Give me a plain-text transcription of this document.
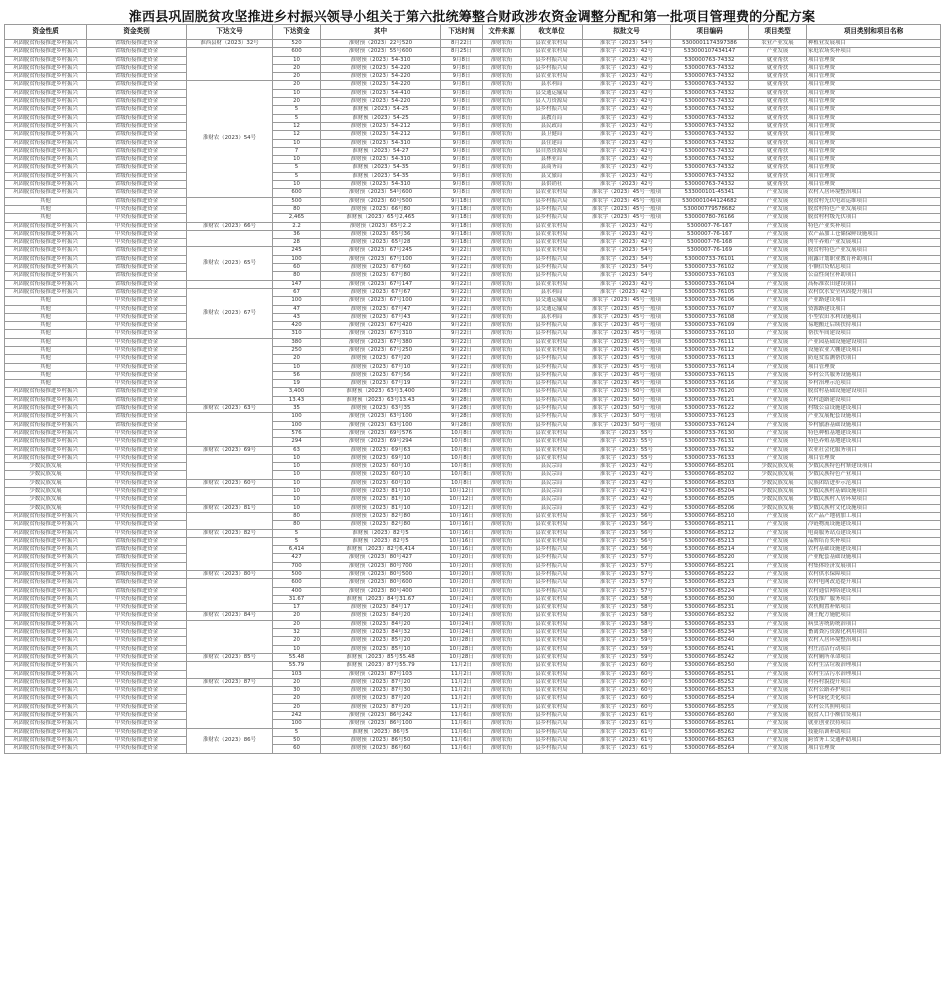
淮西县巩固脱贫攻坚推进乡村振兴领导小组关于第六批统筹整合财政涉农资金调整分配和第一批项目管理费的分配方案
资金性质	资金类别	下达文号	下达资金	其中	下达时间	文件来源	收支单位	拟批文号	项目编码	项目类型	项目类别和项目名称
巩固脱贫衔接推进乡村振兴	省级衔接推进资金	淮西县财（2023）32号	520	淮财预（2023）22号520	8月22日	淮财农衔	县农业农村局	淮农字（2023）54号	5300001174397386	农业产业发展	种植业发展项目
巩固脱贫衔接推进乡村振兴	省级衔接推进资金		600	淮财预（2023）55号600	8月25日	淮财农衔	县农业农村局	淮农字（2023）42号	533000107434147	产业发展	家庭农场奖补项目
巩固脱贫衔接推进乡村振兴	省级衔接推进资金		10	淮财预（2023）54-310	9月8日	淮财农衔	县乡村振兴局	淮农字（2023）42号	530000763-74332	就业帮扶	项目管理费
巩固脱贫衔接推进乡村振兴	省级衔接推进资金		20	淮财预（2023）54-220	9月8日	淮财农衔	县乡村振兴局	淮农字（2023）42号	530000763-74332	就业帮扶	项目管理费
巩固脱贫衔接推进乡村振兴	省级衔接推进资金		20	淮财预（2023）54-220	9月8日	淮财农衔	县农业农村局	淮农字（2023）42号	530000763-74332	就业帮扶	项目管理费
巩固脱贫衔接推进乡村振兴	省级衔接推进资金	淮财农（2023）54号	20	淮财预（2023）54-220	9月8日	淮财农衔	县水利局	淮农字（2023）42号	530000763-74332	就业帮扶	项目管理费
巩固脱贫衔接推进乡村振兴	省级衔接推进资金		10	淮财预（2023）54-410	9月8日	淮财农衔	县交通运输局	淮农字（2023）42号	530000763-74332	就业帮扶	项目管理费
巩固脱贫衔接推进乡村振兴	省级衔接推进资金		20	淮财预（2023）54-220	9月8日	淮财农衔	县人力资源局	淮农字（2023）42号	530000763-74332	就业帮扶	项目管理费
巩固脱贫衔接推进乡村振兴	省级衔接推进资金		5	淮财预（2023）54-25	9月8日	淮财农衔	县乡村振兴局	淮农字（2023）42号	530000763-74332	就业帮扶	项目管理费
巩固脱贫衔接推进乡村振兴	省级衔接推进资金		5	淮财预（2023）54-25	9月8日	淮财农衔	县教育局	淮农字（2023）42号	530000763-74332	就业帮扶	项目管理费
巩固脱贫衔接推进乡村振兴	省级衔接推进资金		12	淮财预（2023）54-212	9月8日	淮财农衔	县民政局	淮农字（2023）42号	530000763-74332	就业帮扶	项目管理费
巩固脱贫衔接推进乡村振兴	省级衔接推进资金		12	淮财预（2023）54-212	9月8日	淮财农衔	县卫健局	淮农字（2023）42号	530000763-74332	就业帮扶	项目管理费
巩固脱贫衔接推进乡村振兴	省级衔接推进资金		10	淮财预（2023）54-310	9月8日	淮财农衔	县住建局	淮农字（2023）42号	530000763-74332	就业帮扶	项目管理费
巩固脱贫衔接推进乡村振兴	省级衔接推进资金		7	淮财预（2023）54-27	9月8日	淮财农衔	县自然资源局	淮农字（2023）42号	530000763-74332	就业帮扶	项目管理费
巩固脱贫衔接推进乡村振兴	省级衔接推进资金		10	淮财预（2023）54-310	9月8日	淮财农衔	县林业局	淮农字（2023）42号	530000763-74332	就业帮扶	项目管理费
巩固脱贫衔接推进乡村振兴	省级衔接推进资金		5	淮财预（2023）54-35	9月8日	淮财农衔	县商务局	淮农字（2023）42号	530000763-74332	就业帮扶	项目管理费
巩固脱贫衔接推进乡村振兴	省级衔接推进资金		5	淮财预（2023）54-35	9月8日	淮财农衔	县文旅局	淮农字（2023）42号	530000763-74332	就业帮扶	项目管理费
巩固脱贫衔接推进乡村振兴	省级衔接推进资金		10	淮财预（2023）54-310	9月8日	淮财农衔	县供销社	淮农字（2023）42号	530000763-74332	就业帮扶	项目管理费
巩固脱贫衔接推进乡村振兴	省级衔接推进资金		600	淮财预（2023）54号600	9月8日	淮财农衔	县农业农村局	淮农字（2023）45号一般项	533000101-45341	产业发展	农村人居环境整治项目
其他	省级衔接推进资金		500	淮财预（2023）60号500	9月18日	淮财农衔	县乡村振兴局	淮农字（2023）45号一般项	5300001044124682	产业发展	脱贫村光伏电站运维项目
其他	中央衔接推进资金		80	淮财预（2023）66号80	9月18日	淮财农衔	县乡村振兴局	淮农字（2023）45号一般项	530000779578682	产业发展	脱贫村特色产业发展项目
其他	中央衔接推进资金		2,465	淮财预（2023）65号2,465	9月18日	淮财农衔	县乡村振兴局	淮农字（2023）45号一般项	530000780-76166	产业发展	脱贫村村级光伏项目
巩固脱贫衔接推进乡村振兴	中央衔接推进资金	淮财农（2023）66号	2.2	淮财预（2023）65号2.2	9月18日	淮财农衔	县农业农村局	淮农字（2023）42号	5300007-76-167	产业发展	特色产业奖补项目
巩固脱贫衔接推进乡村振兴	中央衔接推进资金		36	淮财预（2023）65号36	9月18日	淮财农衔	县农业农村局	淮农字（2023）42号	5300007-76-167	产业发展	农产品加工仓储保鲜设施项目
巩固脱贫衔接推进乡村振兴	中央衔接推进资金		28	淮财预（2023）65号28	9月18日	淮财农衔	县农业农村局	淮农字（2023）42号	5300007-76-168	产业发展	肉牛养殖产业发展项目
巩固脱贫衔接推进乡村振兴	省级衔接推进资金	淮财农（2023）65号	245	淮财预（2023）67号245	9月22日	淮财农衔	县农业农村局	淮农字（2023）54号	5300007-76-169	产业发展	脱贫村特色产业发展项目
巩固脱贫衔接推进乡村振兴	省级衔接推进资金		100	淮财预（2023）67号100	9月22日	淮财农衔	县乡村振兴局	淮农字（2023）54号	530000733-76101	产业发展	雨露计划职业教育补助项目
巩固脱贫衔接推进乡村振兴	省级衔接推进资金		60	淮财预（2023）67号60	9月22日	淮财农衔	县乡村振兴局	淮农字（2023）54号	530000733-76102	产业发展	小额信贷贴息项目
巩固脱贫衔接推进乡村振兴	省级衔接推进资金		80	淮财预（2023）67号80	9月22日	淮财农衔	县乡村振兴局	淮农字（2023）54号	530000733-76103	产业发展	公益性岗位补助项目
巩固脱贫衔接推进乡村振兴	省级衔接推进资金		147	淮财预（2023）67号147	9月22日	淮财农衔	县农业农村局	淮农字（2023）42号	530000733-76104	产业发展	高标准农田建设项目
巩固脱贫衔接推进乡村振兴	省级衔接推进资金	淮财农（2023）67号	67	淮财预（2023）67号67	9月22日	淮财农衔	县水利局	淮农字（2023）42号	530000733-76105	产业发展	农村饮水安全巩固提升项目
其他	中央衔接推进资金		100	淮财预（2023）67号100	9月22日	淮财农衔	县交通运输局	淮农字（2023）45号一般项	530000733-76106	产业发展	产业路建设项目
其他	中央衔接推进资金		47	淮财预（2023）67号47	9月22日	淮财农衔	县交通运输局	淮农字（2023）45号一般项	530000733-76107	产业发展	资源路建设项目
其他	中央衔接推进资金		43	淮财预（2023）67号43	9月22日	淮财农衔	县水利局	淮农字（2023）45号一般项	530000733-76108	产业发展	小型农田水利设施项目
其他	中央衔接推进资金		420	淮财预（2023）67号420	9月22日	淮财农衔	县乡村振兴局	淮农字（2023）45号一般项	530000733-76109	产业发展	易地搬迁后续扶持项目
其他	中央衔接推进资金		310	淮财预（2023）67号310	9月22日	淮财农衔	县乡村振兴局	淮农字（2023）45号一般项	530000733-76110	产业发展	帮扶车间建设项目
其他	中央衔接推进资金		380	淮财预（2023）67号380	9月22日	淮财农衔	县农业农村局	淮农字（2023）45号一般项	530000733-76111	产业发展	产业园基础设施建设项目
其他	中央衔接推进资金		250	淮财预（2023）67号250	9月22日	淮财农衔	县农业农村局	淮农字（2023）45号一般项	530000733-76112	产业发展	设施农业大棚建设项目
其他	中央衔接推进资金		20	淮财预（2023）67号20	9月22日	淮财农衔	县乡村振兴局	淮农字（2023）45号一般项	530000733-76113	产业发展	防返贫监测帮扶项目
其他	中央衔接推进资金		10	淮财预（2023）67号10	9月22日	淮财农衔	县乡村振兴局	淮农字（2023）45号一般项	530000733-76114	产业发展	项目管理费
其他	中央衔接推进资金		56	淮财预（2023）67号56	9月22日	淮财农衔	县乡村振兴局	淮农字（2023）45号一般项	530000733-76115	产业发展	乡村公共服务设施项目
其他	中央衔接推进资金		19	淮财预（2023）67号19	9月22日	淮财农衔	县乡村振兴局	淮农字（2023）45号一般项	530000733-76116	产业发展	乡村治理示范项目
巩固脱贫衔接推进乡村振兴	省级衔接推进资金		3,400	淮财预（2023）63号3,400	9月28日	淮财农衔	县乡村振兴局	淮农字（2023）50号一般项	530000733-76120	产业发展	脱贫村基础设施建设项目
巩固脱贫衔接推进乡村振兴	省级衔接推进资金		13.43	淮财预（2023）63号13.43	9月28日	淮财农衔	县乡村振兴局	淮农字（2023）50号一般项	530000733-76121	产业发展	农村道路建设项目
巩固脱贫衔接推进乡村振兴	省级衔接推进资金	淮财农（2023）63号	35	淮财预（2023）63号35	9月28日	淮财农衔	县乡村振兴局	淮农字（2023）50号一般项	530000733-76122	产业发展	村级公益设施建设项目
巩固脱贫衔接推进乡村振兴	省级衔接推进资金		100	淮财预（2023）63号100	9月28日	淮财农衔	县乡村振兴局	淮农字（2023）50号一般项	530000733-76123	产业发展	产业发展配套设施项目
巩固脱贫衔接推进乡村振兴	省级衔接推进资金		100	淮财预（2023）63号100	9月28日	淮财农衔	县乡村振兴局	淮农字（2023）50号一般项	530000733-76124	产业发展	乡村旅游基础设施项目
巩固脱贫衔接推进乡村振兴	中央衔接推进资金		576	淮财预（2023）69号576	10月8日	淮财农衔	县农业农村局	淮农字（2023）55号	530000733-76130	产业发展	特色种植基地建设项目
巩固脱贫衔接推进乡村振兴	中央衔接推进资金		294	淮财预（2023）69号294	10月8日	淮财农衔	县农业农村局	淮农字（2023）55号	530000733-76131	产业发展	特色养殖基地建设项目
巩固脱贫衔接推进乡村振兴	中央衔接推进资金	淮财农（2023）69号	63	淮财预（2023）69号63	10月8日	淮财农衔	县农业农村局	淮农字（2023）55号	530000733-76132	产业发展	农业社会化服务项目
巩固脱贫衔接推进乡村振兴	中央衔接推进资金		10	淮财预（2023）69号10	10月8日	淮财农衔	县农业农村局	淮农字（2023）55号	530000733-76133	产业发展	项目管理费
少数民族发展	中央衔接推进资金		10	淮财预（2023）60号10	10月8日	淮财农衔	县民宗局	淮农字（2023）42号	530000766-85201	少数民族发展	少数民族特色村寨建设项目
少数民族发展	中央衔接推进资金		10	淮财预（2023）60号10	10月8日	淮财农衔	县民宗局	淮农字（2023）42号	530000766-85202	少数民族发展	少数民族特色产业项目
少数民族发展	中央衔接推进资金	淮财农（2023）60号	10	淮财预（2023）60号10	10月8日	淮财农衔	县民宗局	淮农字（2023）42号	530000766-85203	少数民族发展	民族团结进步示范项目
少数民族发展	中央衔接推进资金		10	淮财预（2023）81号10	10月12日	淮财农衔	县民宗局	淮农字（2023）42号	530000766-85204	少数民族发展	少数民族村基础设施项目
少数民族发展	中央衔接推进资金		10	淮财预（2023）81号10	10月12日	淮财农衔	县民宗局	淮农字（2023）42号	530000766-85205	少数民族发展	少数民族村人居环境项目
少数民族发展	中央衔接推进资金	淮财农（2023）81号	10	淮财预（2023）81号10	10月12日	淮财农衔	县民宗局	淮农字（2023）42号	530000766-85206	少数民族发展	少数民族村文化设施项目
巩固脱贫衔接推进乡村振兴	中央衔接推进资金		80	淮财预（2023）82号80	10月16日	淮财农衔	县农业农村局	淮农字（2023）56号	530000766-85210	产业发展	农产品产地初加工项目
巩固脱贫衔接推进乡村振兴	中央衔接推进资金		80	淮财预（2023）82号80	10月16日	淮财农衔	县农业农村局	淮农字（2023）56号	530000766-85211	产业发展	冷链物流设施建设项目
巩固脱贫衔接推进乡村振兴	中央衔接推进资金	淮财农（2023）82号	5	淮财预（2023）82号5	10月16日	淮财农衔	县农业农村局	淮农字（2023）56号	530000766-85212	产业发展	电商服务站点建设项目
巩固脱贫衔接推进乡村振兴	省级衔接推进资金		5	淮财预（2023）82号5	10月16日	淮财农衔	县农业农村局	淮农字（2023）56号	530000766-85213	产业发展	品牌培育奖补项目
巩固脱贫衔接推进乡村振兴	省级衔接推进资金		6,414	淮财预（2023）82号6,414	10月16日	淮财农衔	县乡村振兴局	淮农字（2023）56号	530000766-85214	产业发展	农村基础设施建设项目
巩固脱贫衔接推进乡村振兴	省级衔接推进资金		427	淮财预（2023）80号427	10月20日	淮财农衔	县乡村振兴局	淮农字（2023）57号	530000766-85220	产业发展	产业配套基础设施项目
巩固脱贫衔接推进乡村振兴	省级衔接推进资金		700	淮财预（2023）80号700	10月20日	淮财农衔	县乡村振兴局	淮农字（2023）57号	530000766-85221	产业发展	村集体经济发展项目
巩固脱贫衔接推进乡村振兴	省级衔接推进资金	淮财农（2023）80号	500	淮财预（2023）80号500	10月20日	淮财农衔	县乡村振兴局	淮农字（2023）57号	530000766-85222	产业发展	农村供水保障项目
巩固脱贫衔接推进乡村振兴	省级衔接推进资金		600	淮财预（2023）80号600	10月20日	淮财农衔	县乡村振兴局	淮农字（2023）57号	530000766-85223	产业发展	农村电网改造提升项目
巩固脱贫衔接推进乡村振兴	省级衔接推进资金		400	淮财预（2023）80号400	10月20日	淮财农衔	县乡村振兴局	淮农字（2023）57号	530000766-85224	产业发展	农村通信网络建设项目
巩固脱贫衔接推进乡村振兴	中央衔接推进资金		31.67	淮财预（2023）84号31.67	10月24日	淮财农衔	县农业农村局	淮农字（2023）58号	530000766-85230	产业发展	农技推广服务项目
巩固脱贫衔接推进乡村振兴	中央衔接推进资金		17	淮财预（2023）84号17	10月24日	淮财农衔	县农业农村局	淮农字（2023）58号	530000766-85231	产业发展	农机购置补贴项目
巩固脱贫衔接推进乡村振兴	中央衔接推进资金	淮财农（2023）84号	20	淮财预（2023）84号20	10月24日	淮财农衔	县农业农村局	淮农字（2023）58号	530000766-85232	产业发展	测土配方施肥项目
巩固脱贫衔接推进乡村振兴	中央衔接推进资金		20	淮财预（2023）84号20	10月24日	淮财农衔	县农业农村局	淮农字（2023）58号	530000766-85233	产业发展	病虫害统防统治项目
巩固脱贫衔接推进乡村振兴	中央衔接推进资金		32	淮财预（2023）84号32	10月24日	淮财农衔	县农业农村局	淮农字（2023）58号	530000766-85234	产业发展	畜禽粪污资源化利用项目
巩固脱贫衔接推进乡村振兴	中央衔接推进资金		20	淮财预（2023）85号20	10月28日	淮财农衔	县农业农村局	淮农字（2023）59号	530000766-85240	产业发展	农村人居环境整治项目
巩固脱贫衔接推进乡村振兴	中央衔接推进资金		10	淮财预（2023）85号10	10月28日	淮财农衔	县农业农村局	淮农字（2023）59号	530000766-85241	产业发展	村庄清洁行动项目
巩固脱贫衔接推进乡村振兴	中央衔接推进资金	淮财农（2023）85号	55.48	淮财预（2023）85号55.48	10月28日	淮财农衔	县农业农村局	淮农字（2023）59号	530000766-85242	产业发展	农村厕所革命项目
巩固脱贫衔接推进乡村振兴	中央衔接推进资金		55.79	淮财预（2023）87号55.79	11月2日	淮财农衔	县农业农村局	淮农字（2023）60号	530000766-85250	产业发展	农村生活垃圾治理项目
巩固脱贫衔接推进乡村振兴	中央衔接推进资金		103	淮财预（2023）87号103	11月2日	淮财农衔	县农业农村局	淮农字（2023）60号	530000766-85251	产业发展	农村生活污水治理项目
巩固脱贫衔接推进乡村振兴	中央衔接推进资金	淮财农（2023）87号	20	淮财预（2023）87号20	11月2日	淮财农衔	县农业农村局	淮农字（2023）60号	530000766-85252	产业发展	村容村貌提升项目
巩固脱贫衔接推进乡村振兴	中央衔接推进资金		30	淮财预（2023）87号30	11月2日	淮财农衔	县农业农村局	淮农字（2023）60号	530000766-85253	产业发展	农村公路养护项目
巩固脱贫衔接推进乡村振兴	中央衔接推进资金		20	淮财预（2023）87号20	11月2日	淮财农衔	县农业农村局	淮农字（2023）60号	530000766-85254	产业发展	乡村绿化美化项目
巩固脱贫衔接推进乡村振兴	中央衔接推进资金		20	淮财预（2023）87号20	11月2日	淮财农衔	县农业农村局	淮农字（2023）60号	530000766-85255	产业发展	农村公共照明项目
巩固脱贫衔接推进乡村振兴	中央衔接推进资金		242	淮财预（2023）86号242	11月6日	淮财农衔	县乡村振兴局	淮农字（2023）61号	530000766-85260	产业发展	脱贫人口小额信贷项目
巩固脱贫衔接推进乡村振兴	中央衔接推进资金		100	淮财预（2023）86号100	11月6日	淮财农衔	县乡村振兴局	淮农字（2023）61号	530000766-85261	产业发展	就业创业扶持项目
巩固脱贫衔接推进乡村振兴	中央衔接推进资金	淮财农（2023）86号	5	淮财预（2023）86号5	11月6日	淮财农衔	县乡村振兴局	淮农字（2023）61号	530000766-85262	产业发展	技能培训补助项目
巩固脱贫衔接推进乡村振兴	中央衔接推进资金		50	淮财预（2023）86号50	11月6日	淮财农衔	县乡村振兴局	淮农字（2023）61号	530000766-85263	产业发展	跨省务工交通补助项目
巩固脱贫衔接推进乡村振兴	中央衔接推进资金		60	淮财预（2023）86号60	11月6日	淮财农衔	县乡村振兴局	淮农字（2023）61号	530000766-85264	产业发展	项目管理费
